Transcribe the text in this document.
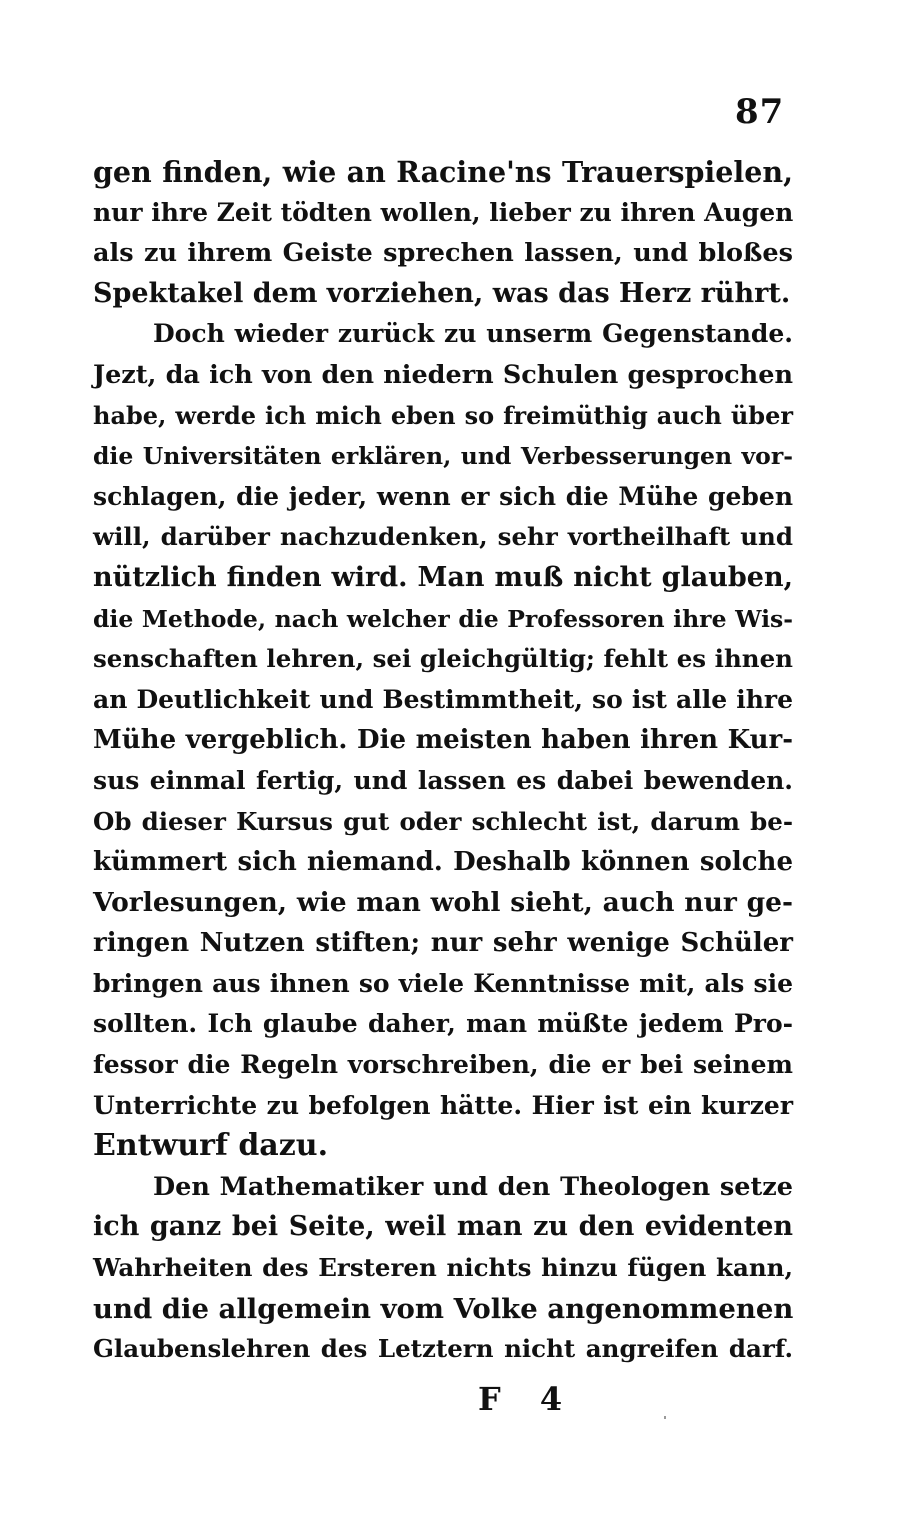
87
gen finden, wie an Racine'ns Trauerspielen,
nur ihre Zeit tödten wollen, lieber zu ihren Augen
als zu ihrem Geiste sprechen lassen, und bloßes
Spektakel dem vorziehen, was das Herz rührt.
Doch wieder zurück zu unserm Gegenstande.
Jezt, da ich von den niedern Schulen gesprochen
habe, werde ich mich eben so freimüthig auch über
die Universitäten erklären, und Verbesserungen vor-
schlagen, die jeder, wenn er sich die Mühe geben
will, darüber nachzudenken, sehr vortheilhaft und
nützlich finden wird. Man muß nicht glauben,
die Methode, nach welcher die Professoren ihre Wis-
senschaften lehren, sei gleichgültig; fehlt es ihnen
an Deutlichkeit und Bestimmtheit, so ist alle ihre
Mühe vergeblich. Die meisten haben ihren Kur-
sus einmal fertig, und lassen es dabei bewenden.
Ob dieser Kursus gut oder schlecht ist, darum be-
kümmert sich niemand. Deshalb können solche
Vorlesungen, wie man wohl sieht, auch nur ge-
ringen Nutzen stiften; nur sehr wenige Schüler
bringen aus ihnen so viele Kenntnisse mit, als sie
sollten. Ich glaube daher, man müßte jedem Pro-
fessor die Regeln vorschreiben, die er bei seinem
Unterrichte zu befolgen hätte. Hier ist ein kurzer
Entwurf dazu.
Den Mathematiker und den Theologen setze
ich ganz bei Seite, weil man zu den evidenten
Wahrheiten des Ersteren nichts hinzu fügen kann,
und die allgemein vom Volke angenommenen
Glaubenslehren des Letztern nicht angreifen darf.
F 4
